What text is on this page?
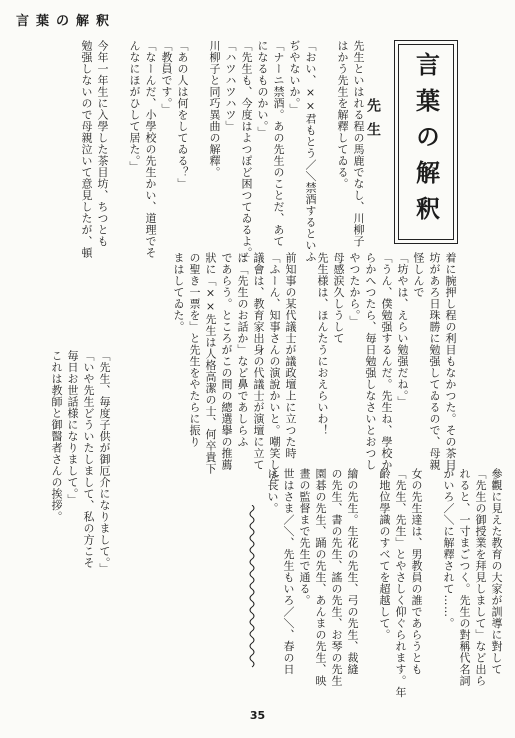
言葉の解釈
言葉の解釈
先生
先生といはれる程の馬鹿でなし、川柳子
はかう先生を解釋してゐる。

「おい、××君もとう／＼禁酒するといふ
ぢやないか。」
「ナーニ禁酒。あの先生のことだ、あて
になるものかい。」
「先生も、今度はよつぽど困つてゐるよ。」
「ハツハツハツ」
川柳子と同巧異曲の解釋。

「あの人は何をしてゐる？」
「教員です。」
「なーんだ、小學校の先生かい、道理でそ
んなにほがひして居た。」

今年一年生に入學した茶目坊、ちつとも
勉强しないので母親泣いて意見したが、頓
「先生、毎度子供が御厄介になりまして。」
「いや先生どういたしまして、私の方こそ
毎日お世話様になりまして。」
これは教師と御醫者さんの挨拶。	着に腕押し程の利目もなかつた。その茶目
坊があろ日珠勝に勉强してゐるので、母親
怪しんで
「坊やは、えらい勉强だね。」
「うん、僕勉强するんだ。先生ね、學校か
らかへつたら、毎日勉强しなさいとおつし
やつたから。」
母感涙久しうして
先生様は、ほんたうにおえらいわ！

前知事の某代議士が議政壇上に立つた時
「ふーん、知事さんの演說かいと。嘲笑した
議會は、教育家出身の代議士が演壇に立て
ば「先生のお話か」など鼻であしらふ
であらう。ところがこの間の總選擧の推薦
狀に「××先生は人格高潔の士、何卒貴下
の聖き一票を」と先生をやたらに振り
まはしてゐた。
參觀に見えた教育の大家が訓導に對して
「先生の御授業を拜見しまして」など出ら
れると、一寸まごつく。先生の對稱代名詞
がいろ／＼に解釋されて……。

女の先生達は、男教員の誰であらうとも
「先生、先生」とやさしく仰ぐられます。年
齡地位學識のすべてを超越して。

繪の先生。生花の先生、弓の先生、裁縫
の先生、書の先生、謠の先生、お琴の先生
園碁の先生、踊の先生、あんまの先生、映
畫の監督まで先生で通る。
世はさま／＼、先生もいろ／＼、春の日
は長い。
35
